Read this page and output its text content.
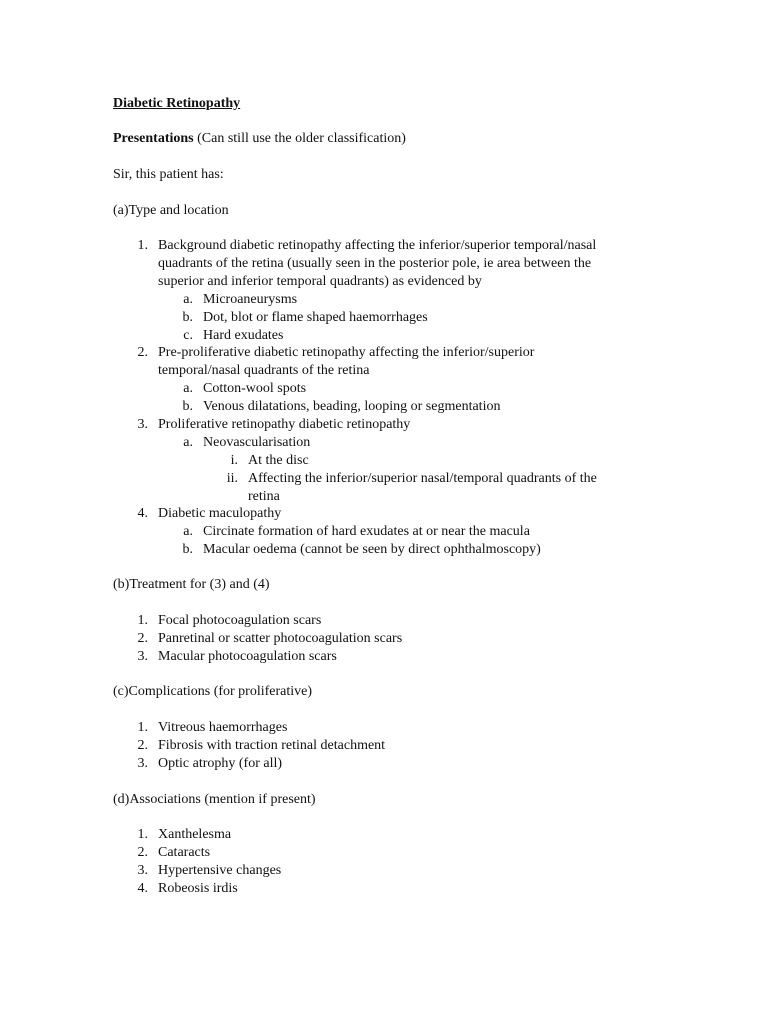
Diabetic Retinopathy
Presentations (Can still use the older classification)
Sir, this patient has:
(a)Type and location
1. Background diabetic retinopathy affecting the inferior/superior temporal/nasal
quadrants of the retina (usually seen in the posterior pole, ie area between the
superior and inferior temporal quadrants) as evidenced by
a. Microaneurysms
b. Dot, blot or flame shaped haemorrhages
c. Hard exudates
2. Pre-proliferative diabetic retinopathy affecting the inferior/superior
temporal/nasal quadrants of the retina
a. Cotton-wool spots
b. Venous dilatations, beading, looping or segmentation
3. Proliferative retinopathy diabetic retinopathy
a. Neovascularisation
i. At the disc
ii. Affecting the inferior/superior nasal/temporal quadrants of the
retina
4. Diabetic maculopathy
a. Circinate formation of hard exudates at or near the macula
b. Macular oedema (cannot be seen by direct ophthalmoscopy)
(b)Treatment for (3) and (4)
1. Focal photocoagulation scars
2. Panretinal or scatter photocoagulation scars
3. Macular photocoagulation scars
(c)Complications (for proliferative)
1. Vitreous haemorrhages
2. Fibrosis with traction retinal detachment
3. Optic atrophy (for all)
(d)Associations (mention if present)
1. Xanthelesma
2. Cataracts
3. Hypertensive changes
4. Robeosis irdis
